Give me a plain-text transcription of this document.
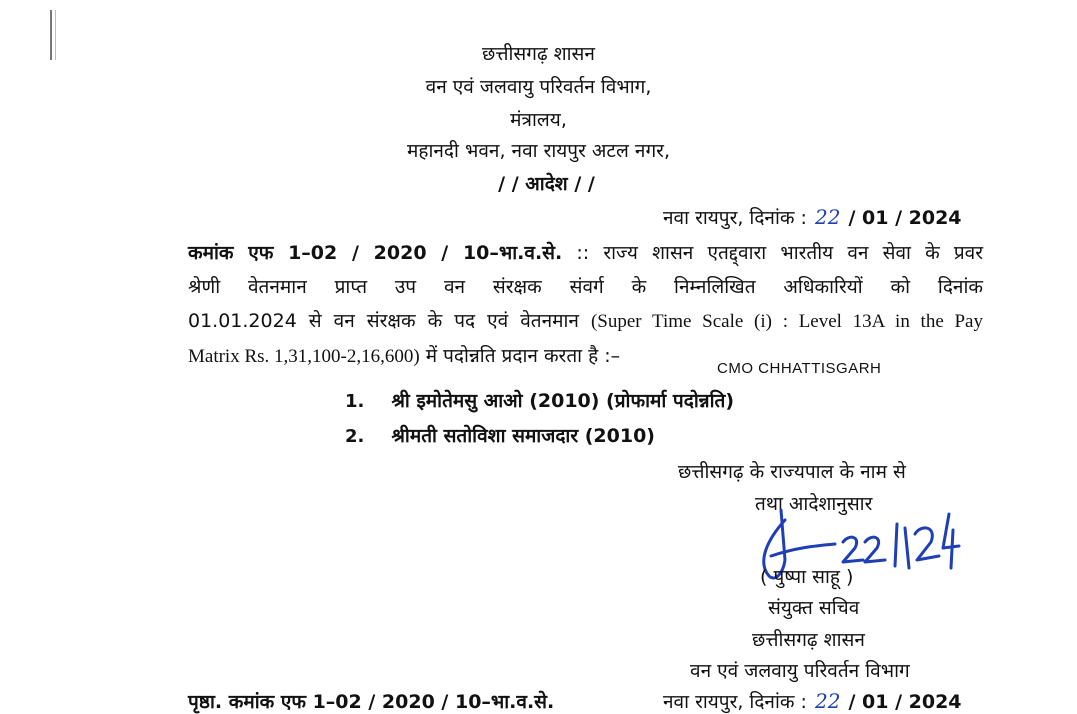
छत्तीसगढ़ शासन
वन एवं जलवायु परिवर्तन विभाग,
मंत्रालय,
महानदी भवन, नवा रायपुर अटल नगर,
/ / आदेश / /
नवा रायपुर, दिनांक : 22 / 01 / 2024
कमांक एफ 1–02 / 2020 / 10–भा.व.से. :: राज्य शासन एतद्द्वारा भारतीय वन सेवा के प्रवर
श्रेणी वेतनमान प्राप्त उप वन संरक्षक संवर्ग के निम्नलिखित अधिकारियों को दिनांक
01.01.2024 से वन संरक्षक के पद एवं वेतनमान (Super Time Scale (i) : Level 13A in the Pay
Matrix Rs. 1,31,100-2,16,600) में पदोन्नति प्रदान करता है :–
CMO CHHATTISGARH
1. श्री इमोतेमसु आओ (2010) (प्रोफार्मा पदोन्नति)
2. श्रीमती सतोविशा समाजदार (2010)
छत्तीसगढ़ के राज्यपाल के नाम से
तथा आदेशानुसार
( पुष्पा साहू )
संयुक्त सचिव
छत्तीसगढ़ शासन
वन एवं जलवायु परिवर्तन विभाग
पृष्ठा. कमांक एफ 1–02 / 2020 / 10–भा.व.से.	नवा रायपुर, दिनांक : 22 / 01 / 2024
